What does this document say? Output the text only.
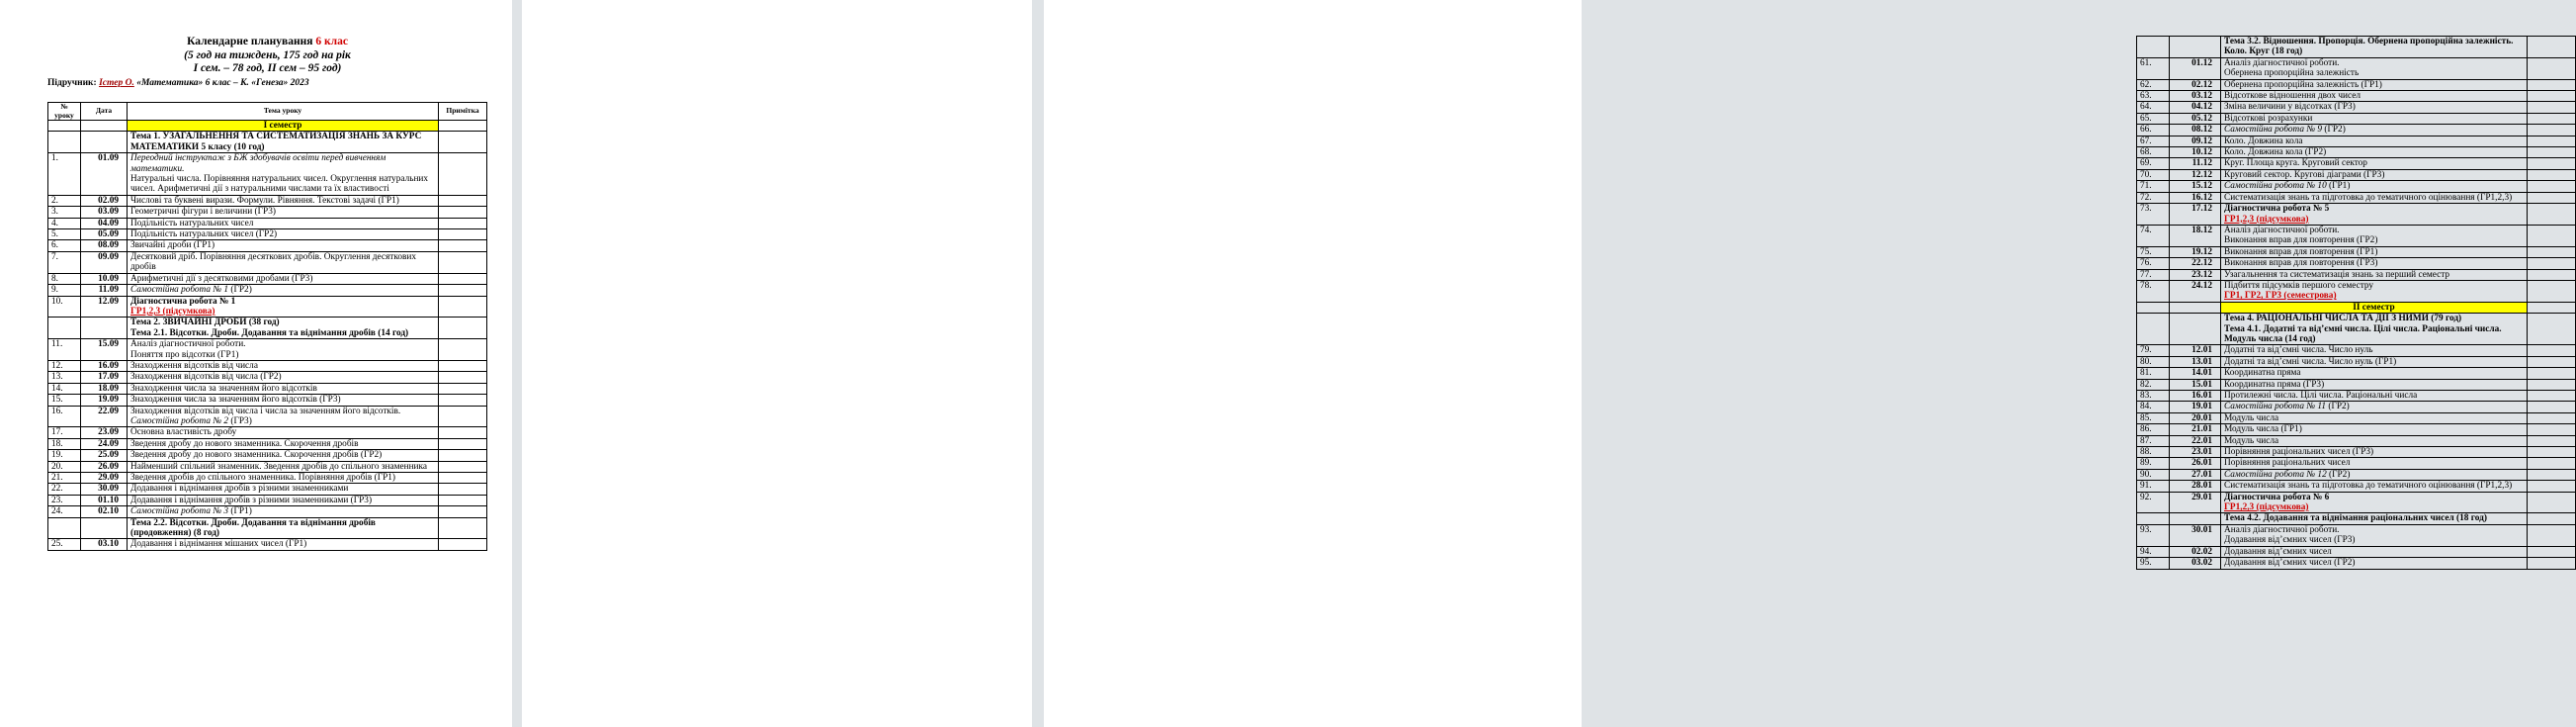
Календарне планування 6 клас
(5 год на тиждень, 175 год на рік
І сем. – 78 год, ІІ сем – 95 год)
Підручник: Істер О. «Математика» 6 клас – К. «Генеза» 2023
№ уроку	Дата	Тема уроку	Примітка
		І семестр	

		Тема 1. УЗАГАЛЬНЕННЯ ТА СИСТЕМАТИЗАЦІЯ ЗНАНЬ ЗА КУРС МАТЕМАТИКИ 5 класу (10 год)	

1.	01.09	Переодний інструктаж з БЖ здобувачів освіти перед вивченням математики.
Натуральні числа. Порівняння натуральних чисел. Округлення натуральних чисел. Арифметичні дії з натуральними числами та їх властивості	

2.	02.09	Числові та буквені вирази. Формули. Рівняння. Текстові задачі (ГР1)	
3.	03.09	Геометричні фігури і величини (ГР3)	
4.	04.09	Подільність натуральних чисел	
5.	05.09	Подільність натуральних чисел (ГР2)	
6.	08.09	Звичайні дроби (ГР1)	
7.	09.09	Десятковий дріб. Порівняння десяткових дробів. Округлення десяткових дробів	
8.	10.09	Арифметичні дії з десятковими дробами (ГР3)	
9.	11.09	Самостійна робота № 1 (ГР2)	
10.	12.09	Діагностична робота № 1
ГР1,2,3 (підсумкова)	

		Тема 2. ЗВИЧАЙНІ ДРОБИ (38 год)
Тема 2.1. Відсотки. Дроби. Додавання та віднімання дробів (14 год)	

11.	15.09	Аналіз діагностичної роботи.
Поняття про відсотки (ГР1)	

12.	16.09	Знаходження відсотків від числа	
13.	17.09	Знаходження відсотків від числа (ГР2)	
14.	18.09	Знаходження числа за значенням його відсотків	
15.	19.09	Знаходження числа за значенням його відсотків (ГР3)	
16.	22.09	Знаходження відсотків від числа і числа за значенням його відсотків. Самостійна робота № 2 (ГР3)	
17.	23.09	Основна властивість дробу	
18.	24.09	Зведення дробу до нового знаменника. Скорочення дробів	
19.	25.09	Зведення дробу до нового знаменника. Скорочення дробів (ГР2)	
20.	26.09	Найменший спільний знаменник. Зведення дробів до спільного знаменника	
21.	29.09	Зведення дробів до спільного знаменника. Порівняння дробів (ГР1)	
22.	30.09	Додавання і віднімання дробів з різними знаменниками	
23.	01.10	Додавання і віднімання дробів з різними знаменниками (ГР3)	
24.	02.10	Самостійна робота № 3 (ГР1)	

		Тема 2.2. Відсотки. Дроби. Додавання та віднімання дробів (продовження) (8 год)	

25.	03.10	Додавання і віднімання мішаних чисел (ГР1)	

		Тема 3.2. Відношення. Пропорція. Обернена пропорційна залежність. Коло. Круг (18 год)	

61.	01.12	Аналіз діагностичної роботи.
Обернена пропорційна залежність	

62.	02.12	Обернена пропорційна залежність (ГР1)	
63.	03.12	Відсоткове відношення двох чисел	
64.	04.12	Зміна величини у відсотках (ГР3)	
65.	05.12	Відсоткові розрахунки	
66.	08.12	Самостійна робота № 9 (ГР2)	
67.	09.12	Коло. Довжина кола	
68.	10.12	Коло. Довжина кола (ГР2)	
69.	11.12	Круг. Площа круга. Круговий сектор	
70.	12.12	Круговий сектор. Кругові діаграми (ГР3)	
71.	15.12	Самостійна робота № 10 (ГР1)	
72.	16.12	Систематизація знань та підготовка до тематичного оцінювання (ГР1,2,3)	
73.	17.12	Діагностична робота № 5
ГР1,2,3 (підсумкова)	

74.	18.12	Аналіз діагностичної роботи.
Виконання вправ для повторення (ГР2)	

75.	19.12	Виконання вправ для повторення (ГР1)	
76.	22.12	Виконання вправ для повторення (ГР3)	
77.	23.12	Узагальнення та систематизація знань за перший семестр	
78.	24.12	Підбиття підсумків першого семестру
ГР1, ГР2, ГР3 (семестрова)	

		ІІ семестр	

		Тема 4. РАЦІОНАЛЬНІ ЧИСЛА ТА ДІЇ З НИМИ (79 год)
Тема 4.1. Додатні та від’ємні числа. Цілі числа. Раціональні числа. Модуль числа (14 год)	

79.	12.01	Додатні та від’ємні числа. Число нуль	
80.	13.01	Додатні та від’ємні числа. Число нуль (ГР1)	
81.	14.01	Координатна пряма	
82.	15.01	Координатна пряма (ГР3)	
83.	16.01	Протилежні числа. Цілі числа. Раціональні числа	
84.	19.01	Самостійна робота № 11 (ГР2)	
85.	20.01	Модуль числа	
86.	21.01	Модуль числа (ГР1)	
87.	22.01	Модуль числа	
88.	23.01	Порівняння раціональних чисел (ГР3)	
89.	26.01	Порівняння раціональних чисел	
90.	27.01	Самостійна робота № 12 (ГР2)	
91.	28.01	Систематизація знань та підготовка до тематичного оцінювання (ГР1,2,3)	
92.	29.01	Діагностична робота № 6
ГР1,2,3 (підсумкова)	

		Тема 4.2. Додавання та віднімання раціональних чисел (18 год)	

93.	30.01	Аналіз діагностичної роботи.
Додавання від’ємних чисел (ГР3)	

94.	02.02	Додавання від’ємних чисел	
95.	03.02	Додавання від’ємних чисел (ГР2)	
